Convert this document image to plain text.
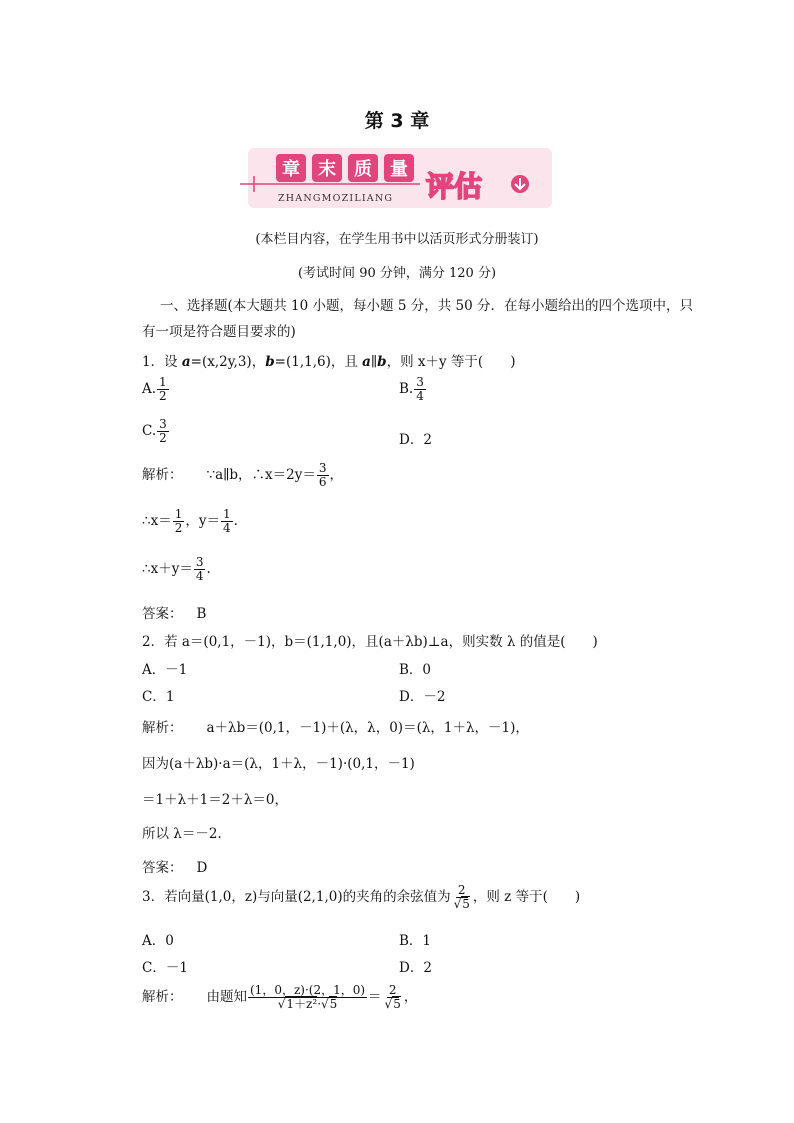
第 3 章
章 末 质 量
ZHANGMOZILIANG 评估
(本栏目内容，在学生用书中以活页形式分册装订)
(考试时间 90 分钟，满分 120 分)
一、选择题(本大题共 10 小题，每小题 5 分，共 50 分．在每小题给出的四个选项中，只
有一项是符合题目要求的)
1．设 a=(x,2y,3)，b=(1,1,6)，且 a∥b，则 x＋y 等于(　　)
A. $\frac{1}{2}$	B. $\frac{3}{4}$
C. $\frac{3}{2}$	D．2
解析： ∵a∥b，∴x＝2y＝ $\frac{3}{6}$ ，
∴x＝ $\frac{1}{2}$ ，$y= \frac{1}{4}$ .
∴x＋y＝ $\frac{3}{4}$ .
答案： B
2．若 a＝(0,1，－1)，b＝(1,1,0)，且(a＋λb)⊥a，则实数 λ 的值是(　　)
A．－1	B．0
C．1	D．－2
解析： a＋λb＝(0,1，－1)＋(λ，λ，0)＝(λ，1＋λ，－1)，
因为(a＋λb)·a＝(λ，1＋λ，－1)·(0,1，－1)
＝1＋λ＋1＝2＋λ＝0，
所以 λ＝－2.
答案： D
3．若向量(1,0，z)与向量(2,1,0)的夹角的余弦值为 $\frac{2}{√5}$ ，则 z 等于(　　)
A．0	B．1
C．－1	D．2
解析： 由题知 $\frac{(1,0,z)\cdot(2,1,0)}{\text{√1＋z²·√5}} = \frac{2}{√5}$ ，
